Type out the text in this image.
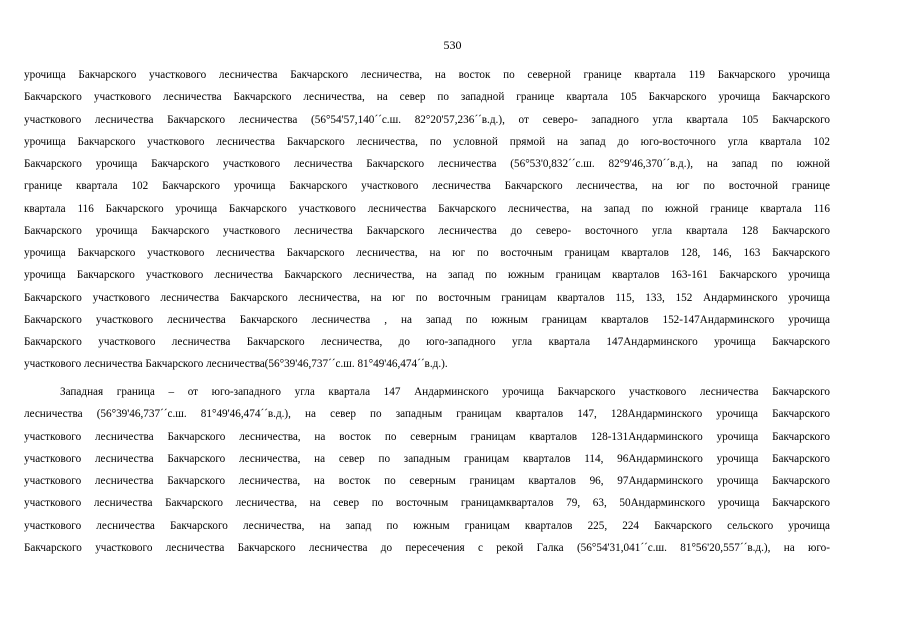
530
урочища Бакчарского участкового лесничества Бакчарского лесничества, на восток по северной границе квартала 119 Бакчарского урочища
Бакчарского участкового лесничества Бакчарского лесничества, на север по западной границе квартала 105 Бакчарского урочища Бакчарского
участкового лесничества Бакчарского лесничества (56°54'57,140´´с.ш. 82°20'57,236´´в.д.), от северо- западного угла квартала 105 Бакчарского
урочища Бакчарского участкового лесничества Бакчарского лесничества, по условной прямой на запад до юго-восточного угла квартала 102
Бакчарского урочища Бакчарского участкового лесничества Бакчарского лесничества (56°53'0,832´´с.ш. 82°9'46,370´´в.д.), на запад по южной
границе квартала 102 Бакчарского урочища Бакчарского участкового лесничества Бакчарского лесничества, на юг по восточной границе
квартала 116 Бакчарского урочища Бакчарского участкового лесничества Бакчарского лесничества, на запад по южной границе квартала 116
Бакчарского урочища Бакчарского участкового лесничества Бакчарского лесничества до северо- восточного угла квартала 128 Бакчарского
урочища Бакчарского участкового лесничества Бакчарского лесничества, на юг по восточным границам кварталов 128, 146, 163 Бакчарского
урочища Бакчарского участкового лесничества Бакчарского лесничества, на запад по южным границам кварталов 163-161 Бакчарского урочища
Бакчарского участкового лесничества Бакчарского лесничества, на юг по восточным границам кварталов 115, 133, 152 Андарминского урочища
Бакчарского участкового лесничества Бакчарского лесничества , на запад по южным границам кварталов 152-147Андарминского урочища
Бакчарского участкового лесничества Бакчарского лесничества, до юго-западного угла квартала 147Андарминского урочища Бакчарского
участкового лесничества Бакчарского лесничества(56°39'46,737´´с.ш. 81°49'46,474´´в.д.).
Западная граница – от юго-западного угла квартала 147 Андарминского урочища Бакчарского участкового лесничества Бакчарского
лесничества (56°39'46,737´´с.ш. 81°49'46,474´´в.д.), на север по западным границам кварталов 147, 128Андарминского урочища Бакчарского
участкового лесничества Бакчарского лесничества, на восток по северным границам кварталов 128-131Андарминского урочища Бакчарского
участкового лесничества Бакчарского лесничества, на север по западным границам кварталов 114, 96Андарминского урочища Бакчарского
участкового лесничества Бакчарского лесничества, на восток по северным границам кварталов 96, 97Андарминского урочища Бакчарского
участкового лесничества Бакчарского лесничества, на север по восточным границамкварталов 79, 63, 50Андарминского урочища Бакчарского
участкового лесничества Бакчарского лесничества, на запад по южным границам кварталов 225, 224 Бакчарского сельского урочища
Бакчарского участкового лесничества Бакчарского лесничества до пересечения с рекой Галка (56°54'31,041´´с.ш. 81°56'20,557´´в.д.), на юго-
